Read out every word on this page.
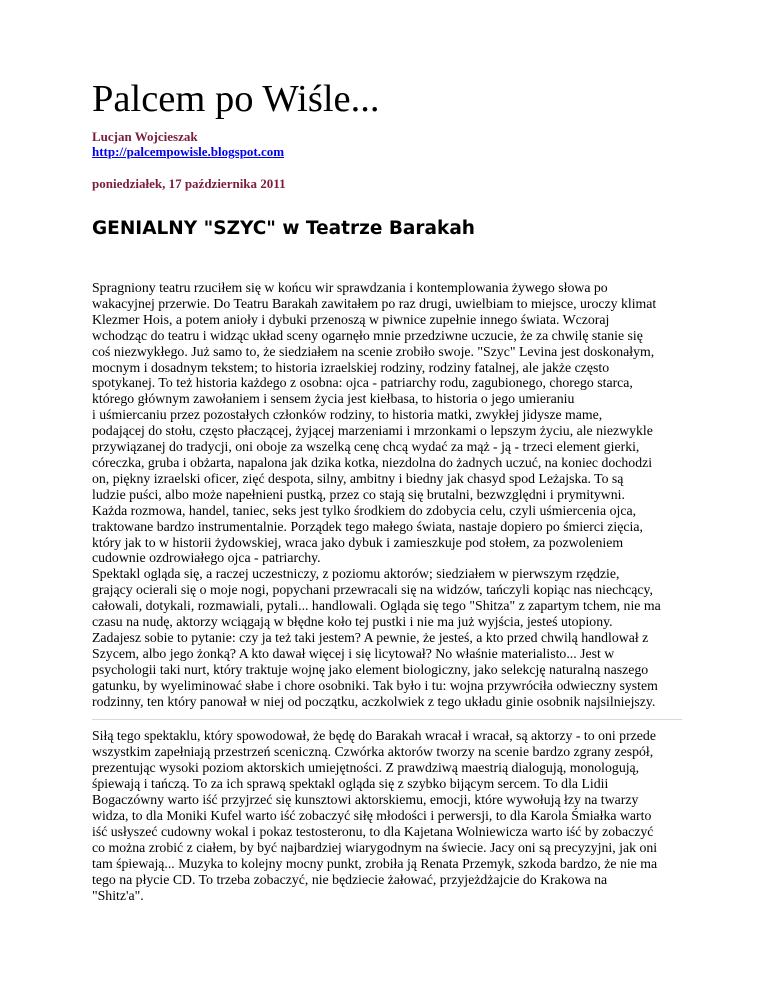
Palcem po Wiśle...
Lucjan Wojcieszak
http://palcempowisle.blogspot.com
poniedziałek, 17 października 2011
GENIALNY "SZYC" w Teatrze Barakah

Spragniony teatru rzuciłem się w końcu wir sprawdzania i kontemplowania żywego słowa po

wakacyjnej przerwie. Do Teatru Barakah zawitałem po raz drugi, uwielbiam to miejsce, uroczy klimat

Klezmer Hois, a potem anioły i dybuki przenoszą w piwnice zupełnie innego świata. Wczoraj

wchodząc do teatru i widząc układ sceny ogarnęło mnie przedziwne uczucie, że za chwilę stanie się

coś niezwykłego. Już samo to, że siedziałem na scenie zrobiło swoje. "Szyc" Levina jest doskonałym,

mocnym i dosadnym tekstem; to historia izraelskiej rodziny, rodziny fatalnej, ale jakże często

spotykanej. To też historia każdego z osobna: ojca - patriarchy rodu, zagubionego, chorego starca,

którego głównym zawołaniem i sensem życia jest kiełbasa, to historia o jego umieraniu

i uśmiercaniu przez pozostałych członków rodziny, to historia matki, zwykłej jidysze mame,

podającej do stołu, często płaczącej, żyjącej marzeniami i mrzonkami o lepszym życiu, ale niezwykle

przywiązanej do tradycji, oni oboje za wszelką cenę chcą wydać za mąż - ją - trzeci element gierki,

córeczka, gruba i obżarta, napalona jak dzika kotka, niezdolna do żadnych uczuć, na koniec dochodzi

on, piękny izraelski oficer, zięć despota, silny, ambitny i biedny jak chasyd spod Leżajska. To są

ludzie puści, albo może napełnieni pustką, przez co stają się brutalni, bezwzględni i prymitywni.

Każda rozmowa, handel, taniec, seks jest tylko środkiem do zdobycia celu, czyli uśmiercenia ojca,

traktowane bardzo instrumentalnie. Porządek tego małego świata, nastaje dopiero po śmierci zięcia,

który jak to w historii żydowskiej, wraca jako dybuk i zamieszkuje pod stołem, za pozwoleniem

cudownie ozdrowiałego ojca - patriarchy.

Spektakl ogląda się, a raczej uczestniczy, z poziomu aktorów; siedziałem w pierwszym rzędzie,

grający ocierali się o moje nogi, popychani przewracali się na widzów, tańczyli kopiąc nas niechcący,

całowali, dotykali, rozmawiali, pytali... handlowali. Ogląda się tego "Shitza" z zapartym tchem, nie ma

czasu na nudę, aktorzy wciągają w błędne koło tej pustki i nie ma już wyjścia, jesteś utopiony.

Zadajesz sobie to pytanie: czy ja też taki jestem? A pewnie, że jesteś, a kto przed chwilą handlował z

Szycem, albo jego żonką? A kto dawał więcej i się licytował? No właśnie materialisto... Jest w

psychologii taki nurt, który traktuje wojnę jako element biologiczny, jako selekcję naturalną naszego

gatunku, by wyeliminować słabe i chore osobniki. Tak było i tu: wojna przywróciła odwieczny system

rodzinny, ten który panował w niej od początku, aczkolwiek z tego układu ginie osobnik najsilniejszy.

Siłą tego spektaklu, który spowodował, że będę do Barakah wracał i wracał, są aktorzy - to oni przede

wszystkim zapełniają przestrzeń sceniczną. Czwórka aktorów tworzy na scenie bardzo zgrany zespół,

prezentując wysoki poziom aktorskich umiejętności. Z prawdziwą maestrią dialogują, monologują,

śpiewają i tańczą. To za ich sprawą spektakl ogląda się z szybko bijącym sercem. To dla Lidii

Bogaczówny warto iść przyjrzeć się kunsztowi aktorskiemu, emocji, które wywołują łzy na twarzy

widza, to dla Moniki Kufel warto iść zobaczyć siłę młodości i perwersji, to dla Karola Śmiałka warto

iść usłyszeć cudowny wokal i pokaz testosteronu, to dla Kajetana Wolniewicza warto iść by zobaczyć

co można zrobić z ciałem, by być najbardziej wiarygodnym na świecie. Jacy oni są precyzyjni, jak oni

tam śpiewają... Muzyka to kolejny mocny punkt, zrobiła ją Renata Przemyk, szkoda bardzo, że nie ma

tego na płycie CD. To trzeba zobaczyć, nie będziecie żałować, przyjeżdżajcie do Krakowa na

"Shitz'a".
